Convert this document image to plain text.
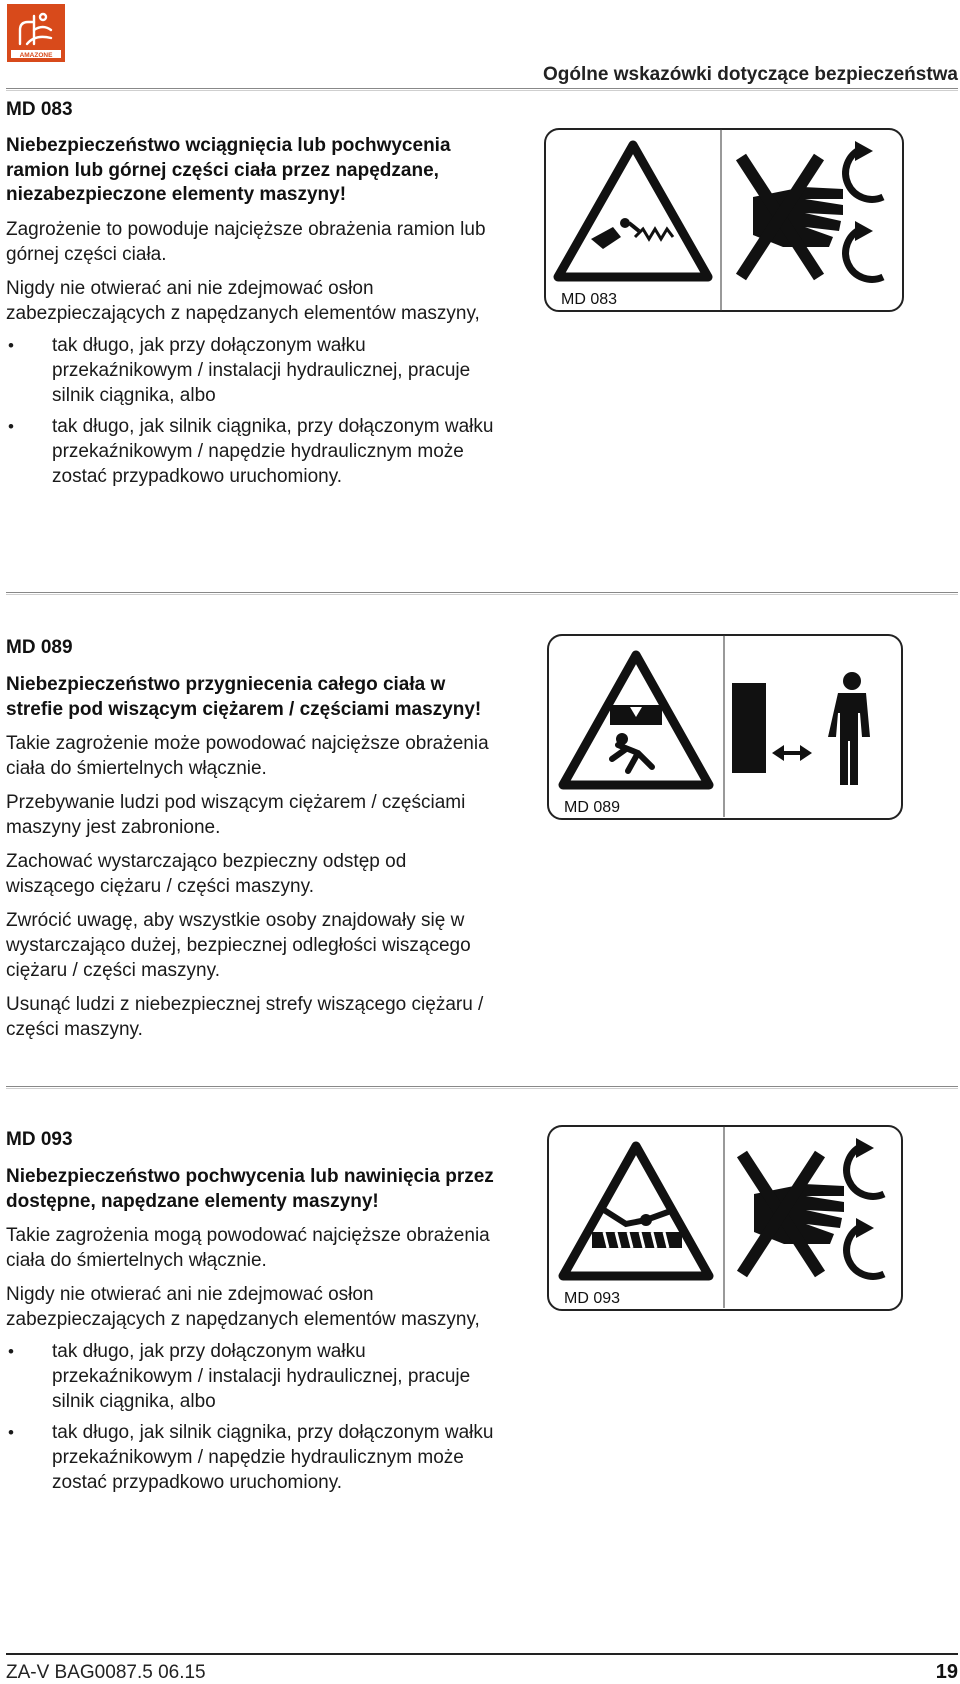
AMAZONE
Ogólne wskazówki dotyczące bezpieczeństwa

MD 083

Niebezpieczeństwo wciągnięcia lub pochwycenia ramion lub górnej części ciała przez napędzane, niezabezpieczone elementy maszyny!

Zagrożenie to powoduje najcięższe obrażenia ramion lub górnej części ciała.

Nigdy nie otwierać ani nie zdejmować osłon zabezpieczających z napędzanych elementów maszyny,

• tak długo, jak przy dołączonym wałku przekaźnikowym / instalacji hydraulicznej, pracuje silnik ciągnika, albo
• tak długo, jak silnik ciągnika, przy dołączonym wałku przekaźnikowym / napędzie hydraulicznym może zostać przypadkowo uruchomiony.
MD 083

MD 089

Niebezpieczeństwo przygniecenia całego ciała w strefie pod wiszącym ciężarem / częściami maszyny!

Takie zagrożenie może powodować najcięższe obrażenia ciała do śmiertelnych włącznie.

Przebywanie ludzi pod wiszącym ciężarem / częściami maszyny jest zabronione.

Zachować wystarczająco bezpieczny odstęp od wiszącego ciężaru / części maszyny.

Zwrócić uwagę, aby wszystkie osoby znajdowały się w wystarczająco dużej, bezpiecznej odległości wiszącego ciężaru / części maszyny.

Usunąć ludzi z niebezpiecznej strefy wiszącego ciężaru / części maszyny.

MD 089

MD 093

Niebezpieczeństwo pochwycenia lub nawinięcia przez dostępne, napędzane elementy maszyny!

Takie zagrożenia mogą powodować najcięższe obrażenia ciała do śmiertelnych włącznie.

Nigdy nie otwierać ani nie zdejmować osłon zabezpieczających z napędzanych elementów maszyny,

• tak długo, jak przy dołączonym wałku przekaźnikowym / instalacji hydraulicznej, pracuje silnik ciągnika, albo
• tak długo, jak silnik ciągnika, przy dołączonym wałku przekaźnikowym / napędzie hydraulicznym może zostać przypadkowo uruchomiony.
MD 093
ZA-V BAG0087.5 06.15	19
